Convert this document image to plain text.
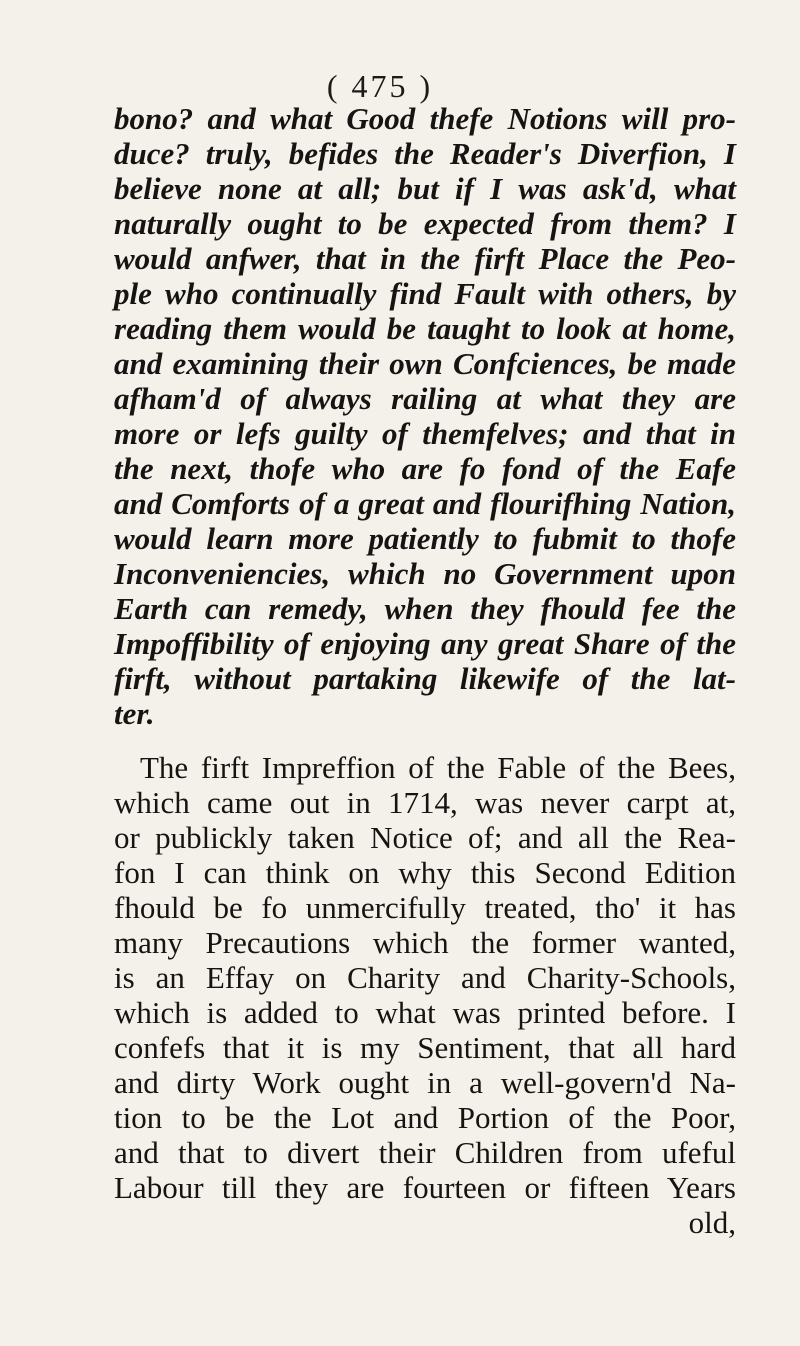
( 475 )
bono? and what Good thefe Notions will pro-
duce? truly, befides the Reader's Diverfion, I
believe none at all; but if I was ask'd, what
naturally ought to be expected from them? I
would anfwer, that in the firft Place the Peo-
ple who continually find Fault with others, by
reading them would be taught to look at home,
and examining their own Confciences, be made
afham'd of always railing at what they are
more or lefs guilty of themfelves; and that in
the next, thofe who are fo fond of the Eafe
and Comforts of a great and flourifhing Nation,
would learn more patiently to fubmit to thofe
Inconveniencies, which no Government upon
Earth can remedy, when they fhould fee the
Impoffibility of enjoying any great Share of the
firft, without partaking likewife of the lat-
ter.
The firft Impreffion of the Fable of the Bees,
which came out in 1714, was never carpt at,
or publickly taken Notice of; and all the Rea-
fon I can think on why this Second Edition
fhould be fo unmercifully treated, tho' it has
many Precautions which the former wanted,
is an Effay on Charity and Charity-Schools,
which is added to what was printed before. I
confefs that it is my Sentiment, that all hard
and dirty Work ought in a well-govern'd Na-
tion to be the Lot and Portion of the Poor,
and that to divert their Children from ufeful
Labour till they are fourteen or fifteen Years
old,
